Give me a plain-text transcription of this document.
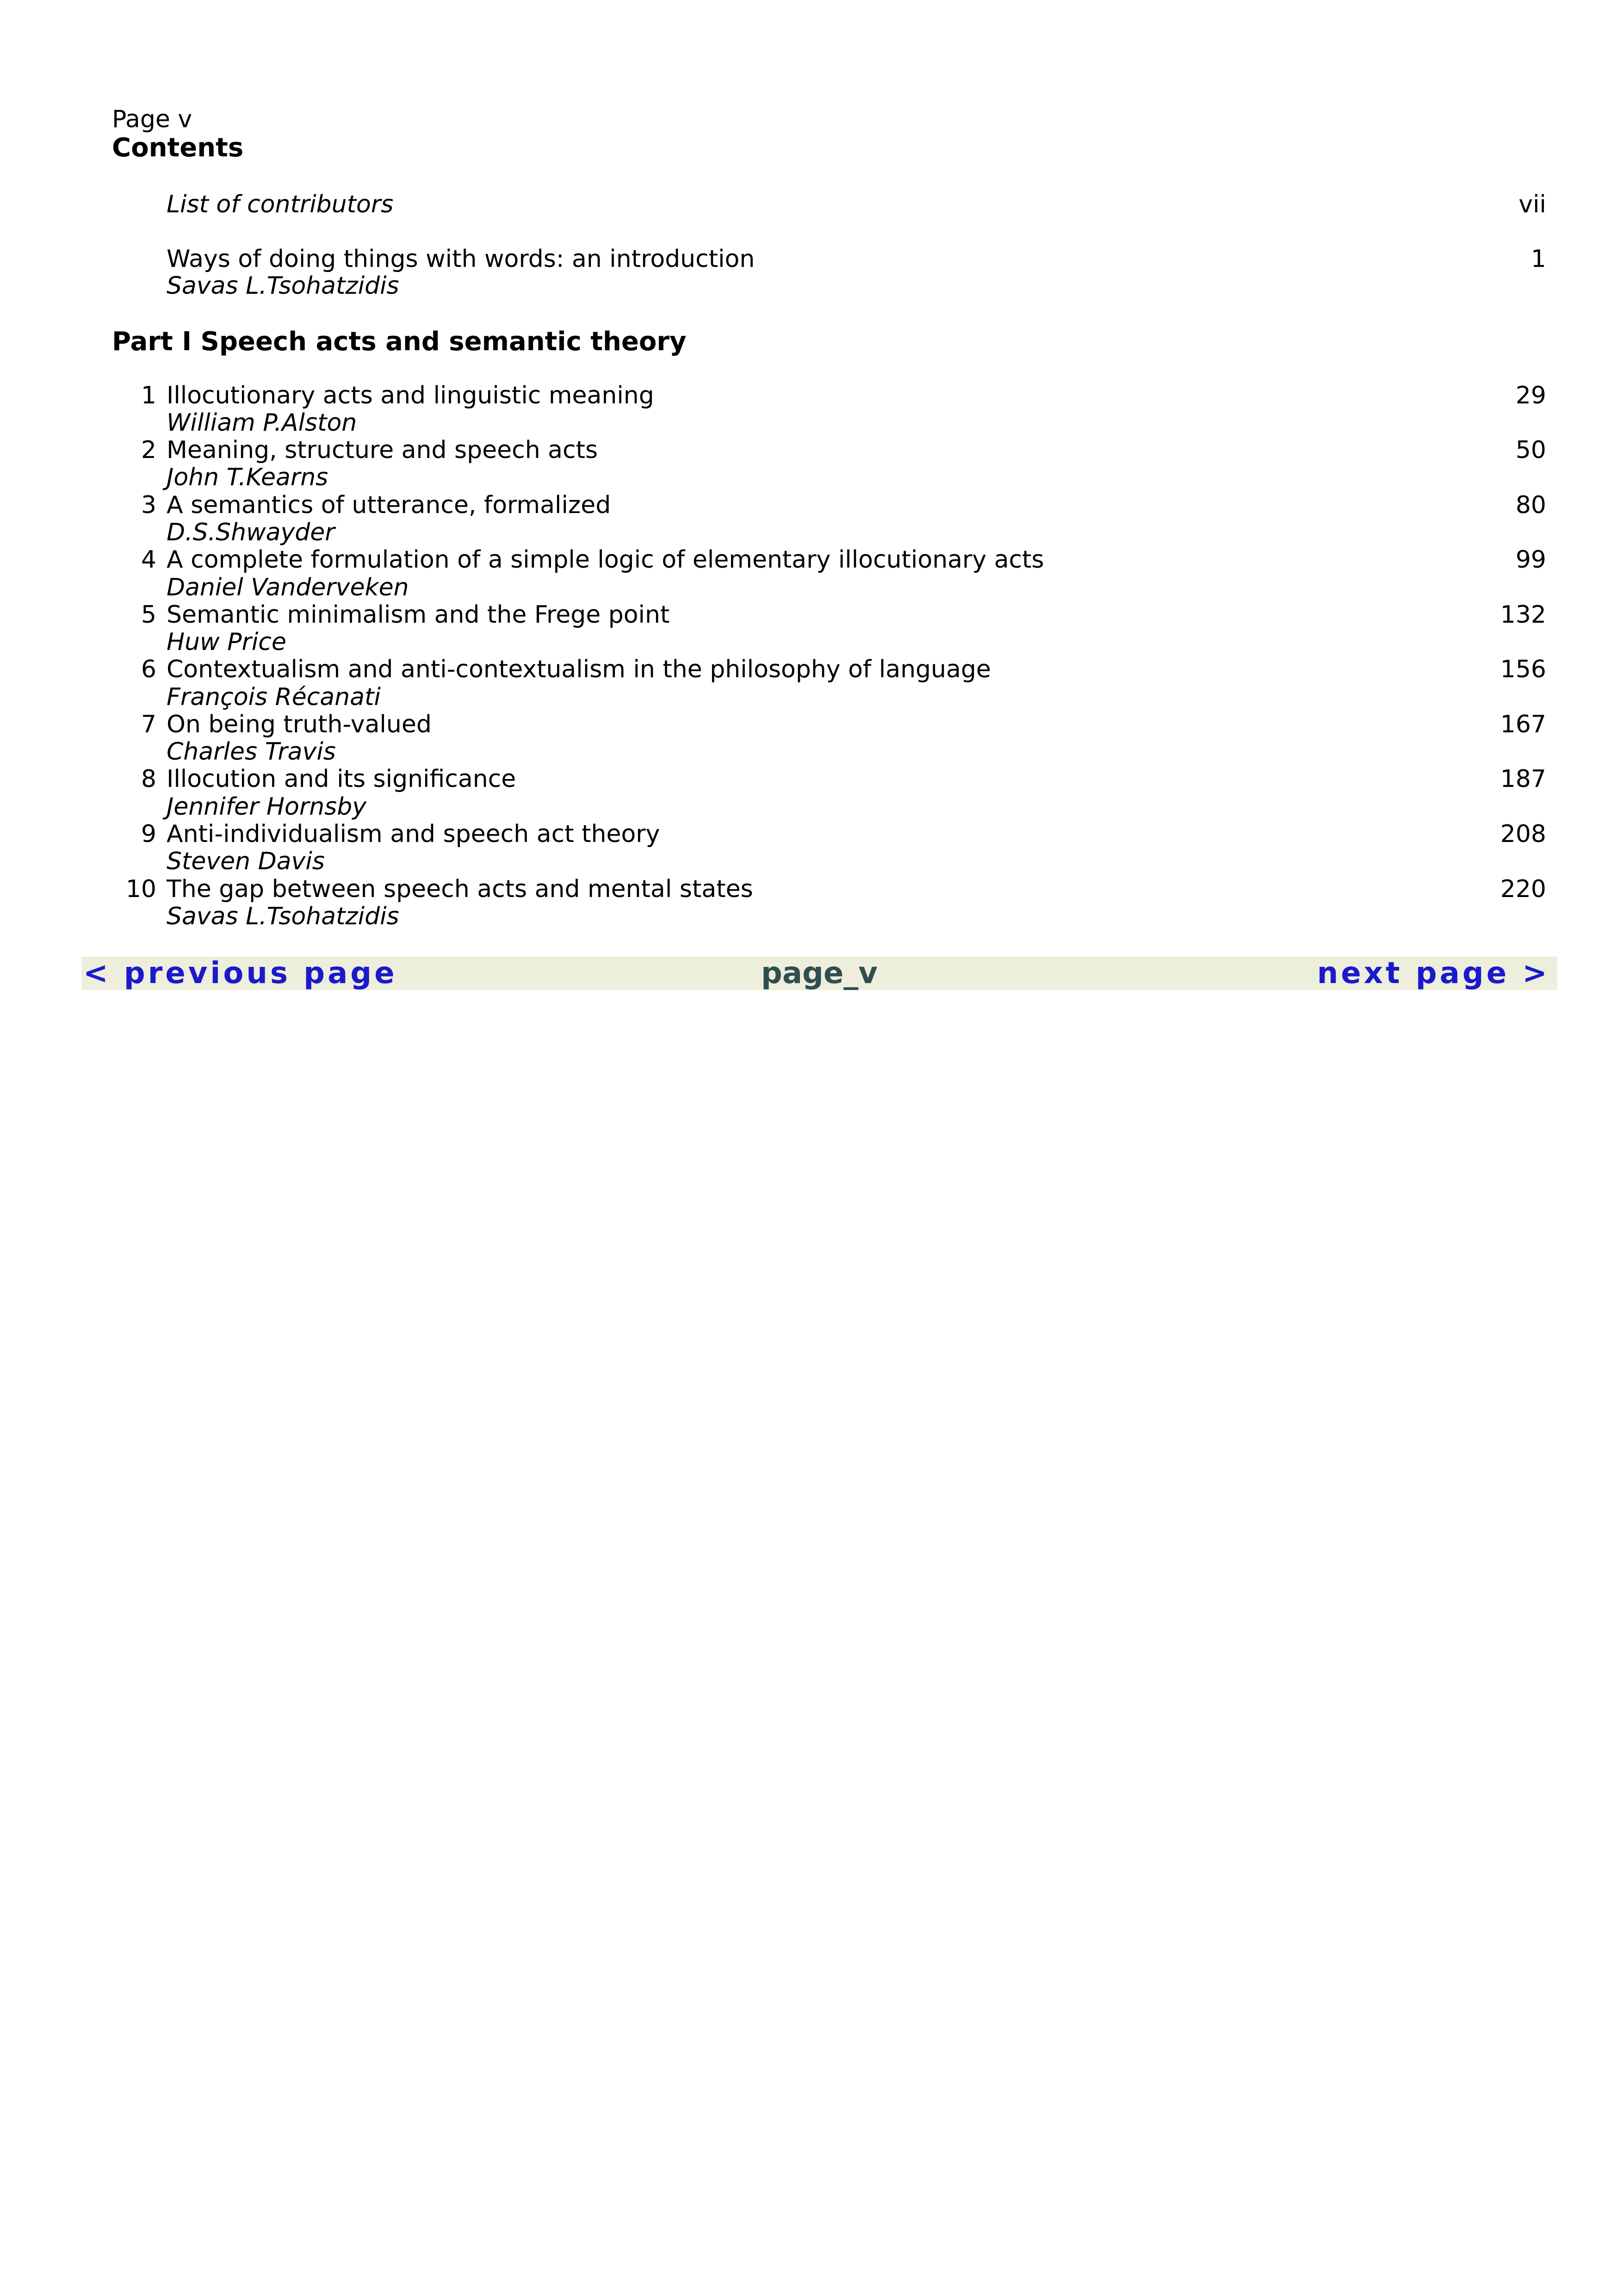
Page v
Contents
List of contributors	vii
Ways of doing things with words: an introduction	1
Savas L.Tsohatzidis
Part I Speech acts and semantic theory
1 Illocutionary acts and linguistic meaning	29
William P.Alston
2 Meaning, structure and speech acts	50
John T.Kearns
3 A semantics of utterance, formalized	80
D.S.Shwayder
4 A complete formulation of a simple logic of elementary illocutionary acts	99
Daniel Vanderveken
5 Semantic minimalism and the Frege point	132
Huw Price
6 Contextualism and anti-contextualism in the philosophy of language	156
François Récanati
7 On being truth-valued	167
Charles Travis
8 Illocution and its significance	187
Jennifer Hornsby
9 Anti-individualism and speech act theory	208
Steven Davis
10 The gap between speech acts and mental states	220
Savas L.Tsohatzidis
page_v
< previous page	next page >
